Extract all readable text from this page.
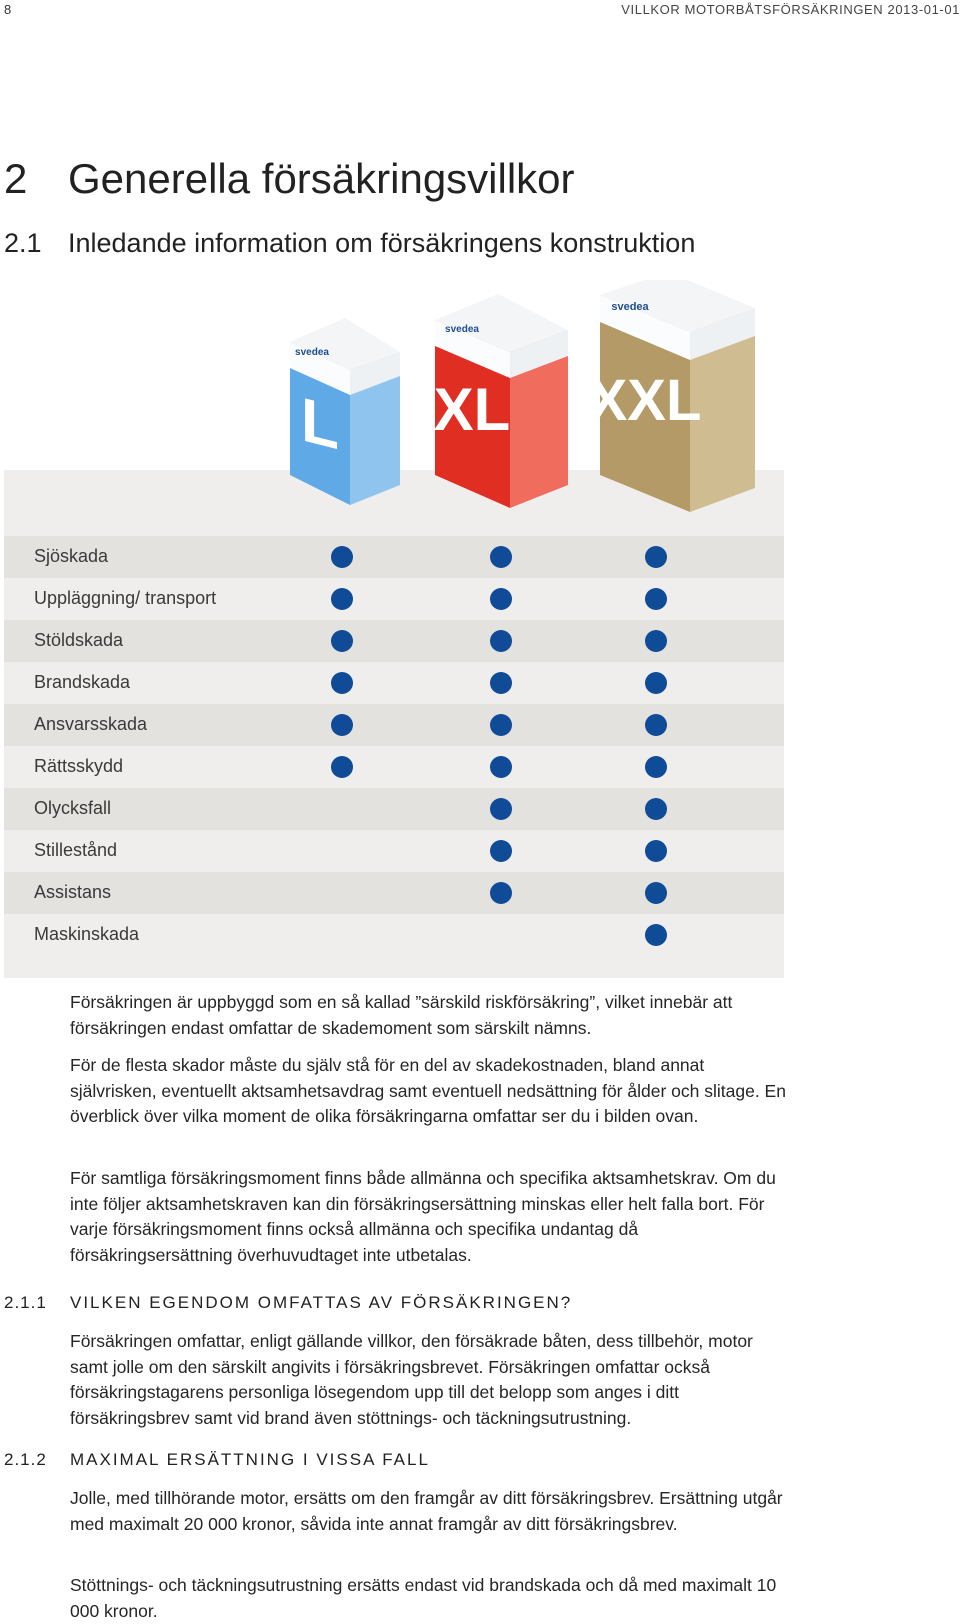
8	VILLKOR MOTORBÅTSFÖRSÄKRINGEN 2013-01-01
2 Generella försäkringsvillkor
2.1 Inledande information om försäkringens konstruktion
Sjöskada
Uppläggning/ transport
Stöldskada
Brandskada
Ansvarsskada
Rättsskydd
Olycksfall
Stillestånd
Assistans
Maskinskada
L
svedea
XL
svedea
XXL
svedea

Försäkringen är uppbyggd som en så kallad ”särskild riskförsäkring”, vilket innebär att försäkringen endast omfattar de skademoment som särskilt nämns.

För de flesta skador måste du själv stå för en del av skadekostnaden, bland annat självrisken, eventuellt aktsamhetsavdrag samt eventuell nedsättning för ålder och slitage. En överblick över vilka moment de olika försäkringarna omfattar ser du i bilden ovan.

För samtliga försäkringsmoment finns både allmänna och specifika aktsamhetskrav. Om du inte följer aktsamhetskraven kan din försäkringsersättning minskas eller helt falla bort. För varje försäkringsmoment finns också allmänna och specifika undantag då försäkringsersättning överhuvudtaget inte utbetalas.

2.1.1 VILKEN EGENDOM OMFATTAS AV FÖRSÄKRINGEN?

Försäkringen omfattar, enligt gällande villkor, den försäkrade båten, dess tillbehör, motor samt jolle om den särskilt angivits i försäkringsbrevet. Försäkringen omfattar också försäkringstagarens personliga lösegendom upp till det belopp som anges i ditt försäkringsbrev samt vid brand även stöttnings- och täckningsutrustning.

2.1.2 MAXIMAL ERSÄTTNING I VISSA FALL

Jolle, med tillhörande motor, ersätts om den framgår av ditt försäkringsbrev. Ersättning utgår med maximalt 20 000 kronor, såvida inte annat framgår av ditt försäkringsbrev.

Stöttnings- och täckningsutrustning ersätts endast vid brandskada och då med maximalt 10 000 kronor.
